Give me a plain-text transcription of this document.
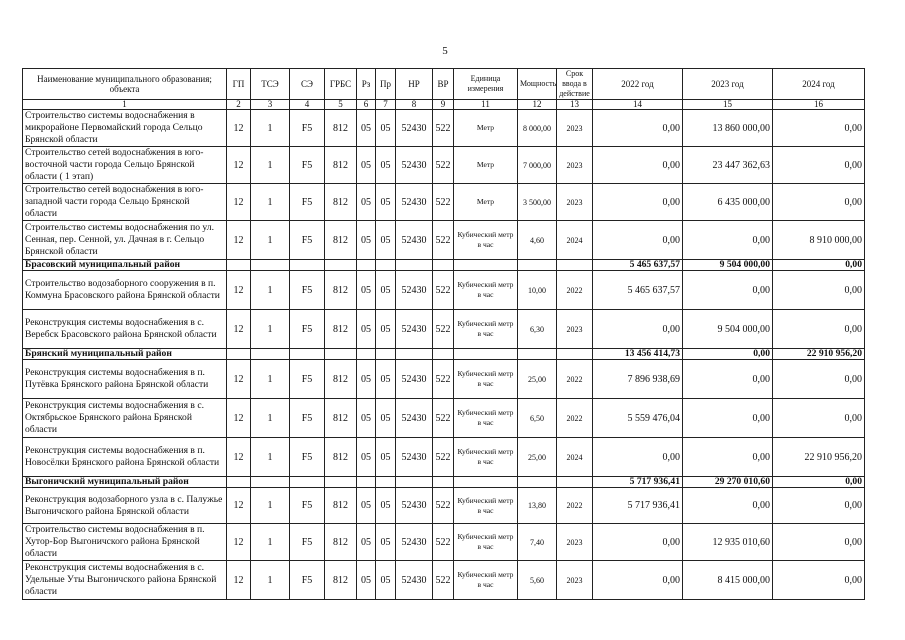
5
Наименование муниципального образования; объекта	ГП	ТСЭ	СЭ	ГРБС	Рз	Пр	НР	ВР	Единица измерения	Мощность	Срок ввода в действие	2022 год	2023 год	2024 год
1	2	3	4	5	6	7	8	9	11	12	13	14	15	16
Строительство системы водоснабжения в микрорайоне Первомайский города Сельцо Брянской области	12	1	F5	812	05	05	52430	522	Метр	8 000,00	2023	0,00	13 860 000,00	0,00
Строительство сетей водоснабжения в юго-восточной части города Сельцо Брянской области ( 1 этап)	12	1	F5	812	05	05	52430	522	Метр	7 000,00	2023	0,00	23 447 362,63	0,00
Строительство сетей водоснабжения в юго-западной части города Сельцо Брянской области	12	1	F5	812	05	05	52430	522	Метр	3 500,00	2023	0,00	6 435 000,00	0,00
Строительство системы водоснабжения по ул. Сенная, пер. Сенной, ул. Дачная в г. Сельцо Брянской области	12	1	F5	812	05	05	52430	522	Кубический метр в час	4,60	2024	0,00	0,00	8 910 000,00
Брасовский муниципальный район												5 465 637,57	9 504 000,00	0,00
Строительство водозаборного сооружения в п. Коммуна Брасовского района Брянской области	12	1	F5	812	05	05	52430	522	Кубический метр в час	10,00	2022	5 465 637,57	0,00	0,00
Реконструкция системы водоснабжения в с. Веребск Брасовского района Брянской области	12	1	F5	812	05	05	52430	522	Кубический метр в час	6,30	2023	0,00	9 504 000,00	0,00
Брянский муниципальный район												13 456 414,73	0,00	22 910 956,20
Реконструкция системы водоснабжения в п. Путёвка Брянского района Брянской области	12	1	F5	812	05	05	52430	522	Кубический метр в час	25,00	2022	7 896 938,69	0,00	0,00
Реконструкция системы водоснабжения в с. Октябрьское Брянского района Брянской области	12	1	F5	812	05	05	52430	522	Кубический метр в час	6,50	2022	5 559 476,04	0,00	0,00
Реконструкция системы водоснабжения в п. Новосёлки Брянского района Брянской области	12	1	F5	812	05	05	52430	522	Кубический метр в час	25,00	2024	0,00	0,00	22 910 956,20
Выгоничский муниципальный район												5 717 936,41	29 270 010,60	0,00
Реконструкция водозаборного узла в с. Палужье Выгоничского района Брянской области	12	1	F5	812	05	05	52430	522	Кубический метр в час	13,80	2022	5 717 936,41	0,00	0,00
Строительство системы водоснабжения в п. Хутор-Бор Выгоничского района Брянской области	12	1	F5	812	05	05	52430	522	Кубический метр в час	7,40	2023	0,00	12 935 010,60	0,00
Реконструкция системы водоснабжения в с. Удельные Уты Выгоничского района Брянской области	12	1	F5	812	05	05	52430	522	Кубический метр в час	5,60	2023	0,00	8 415 000,00	0,00
